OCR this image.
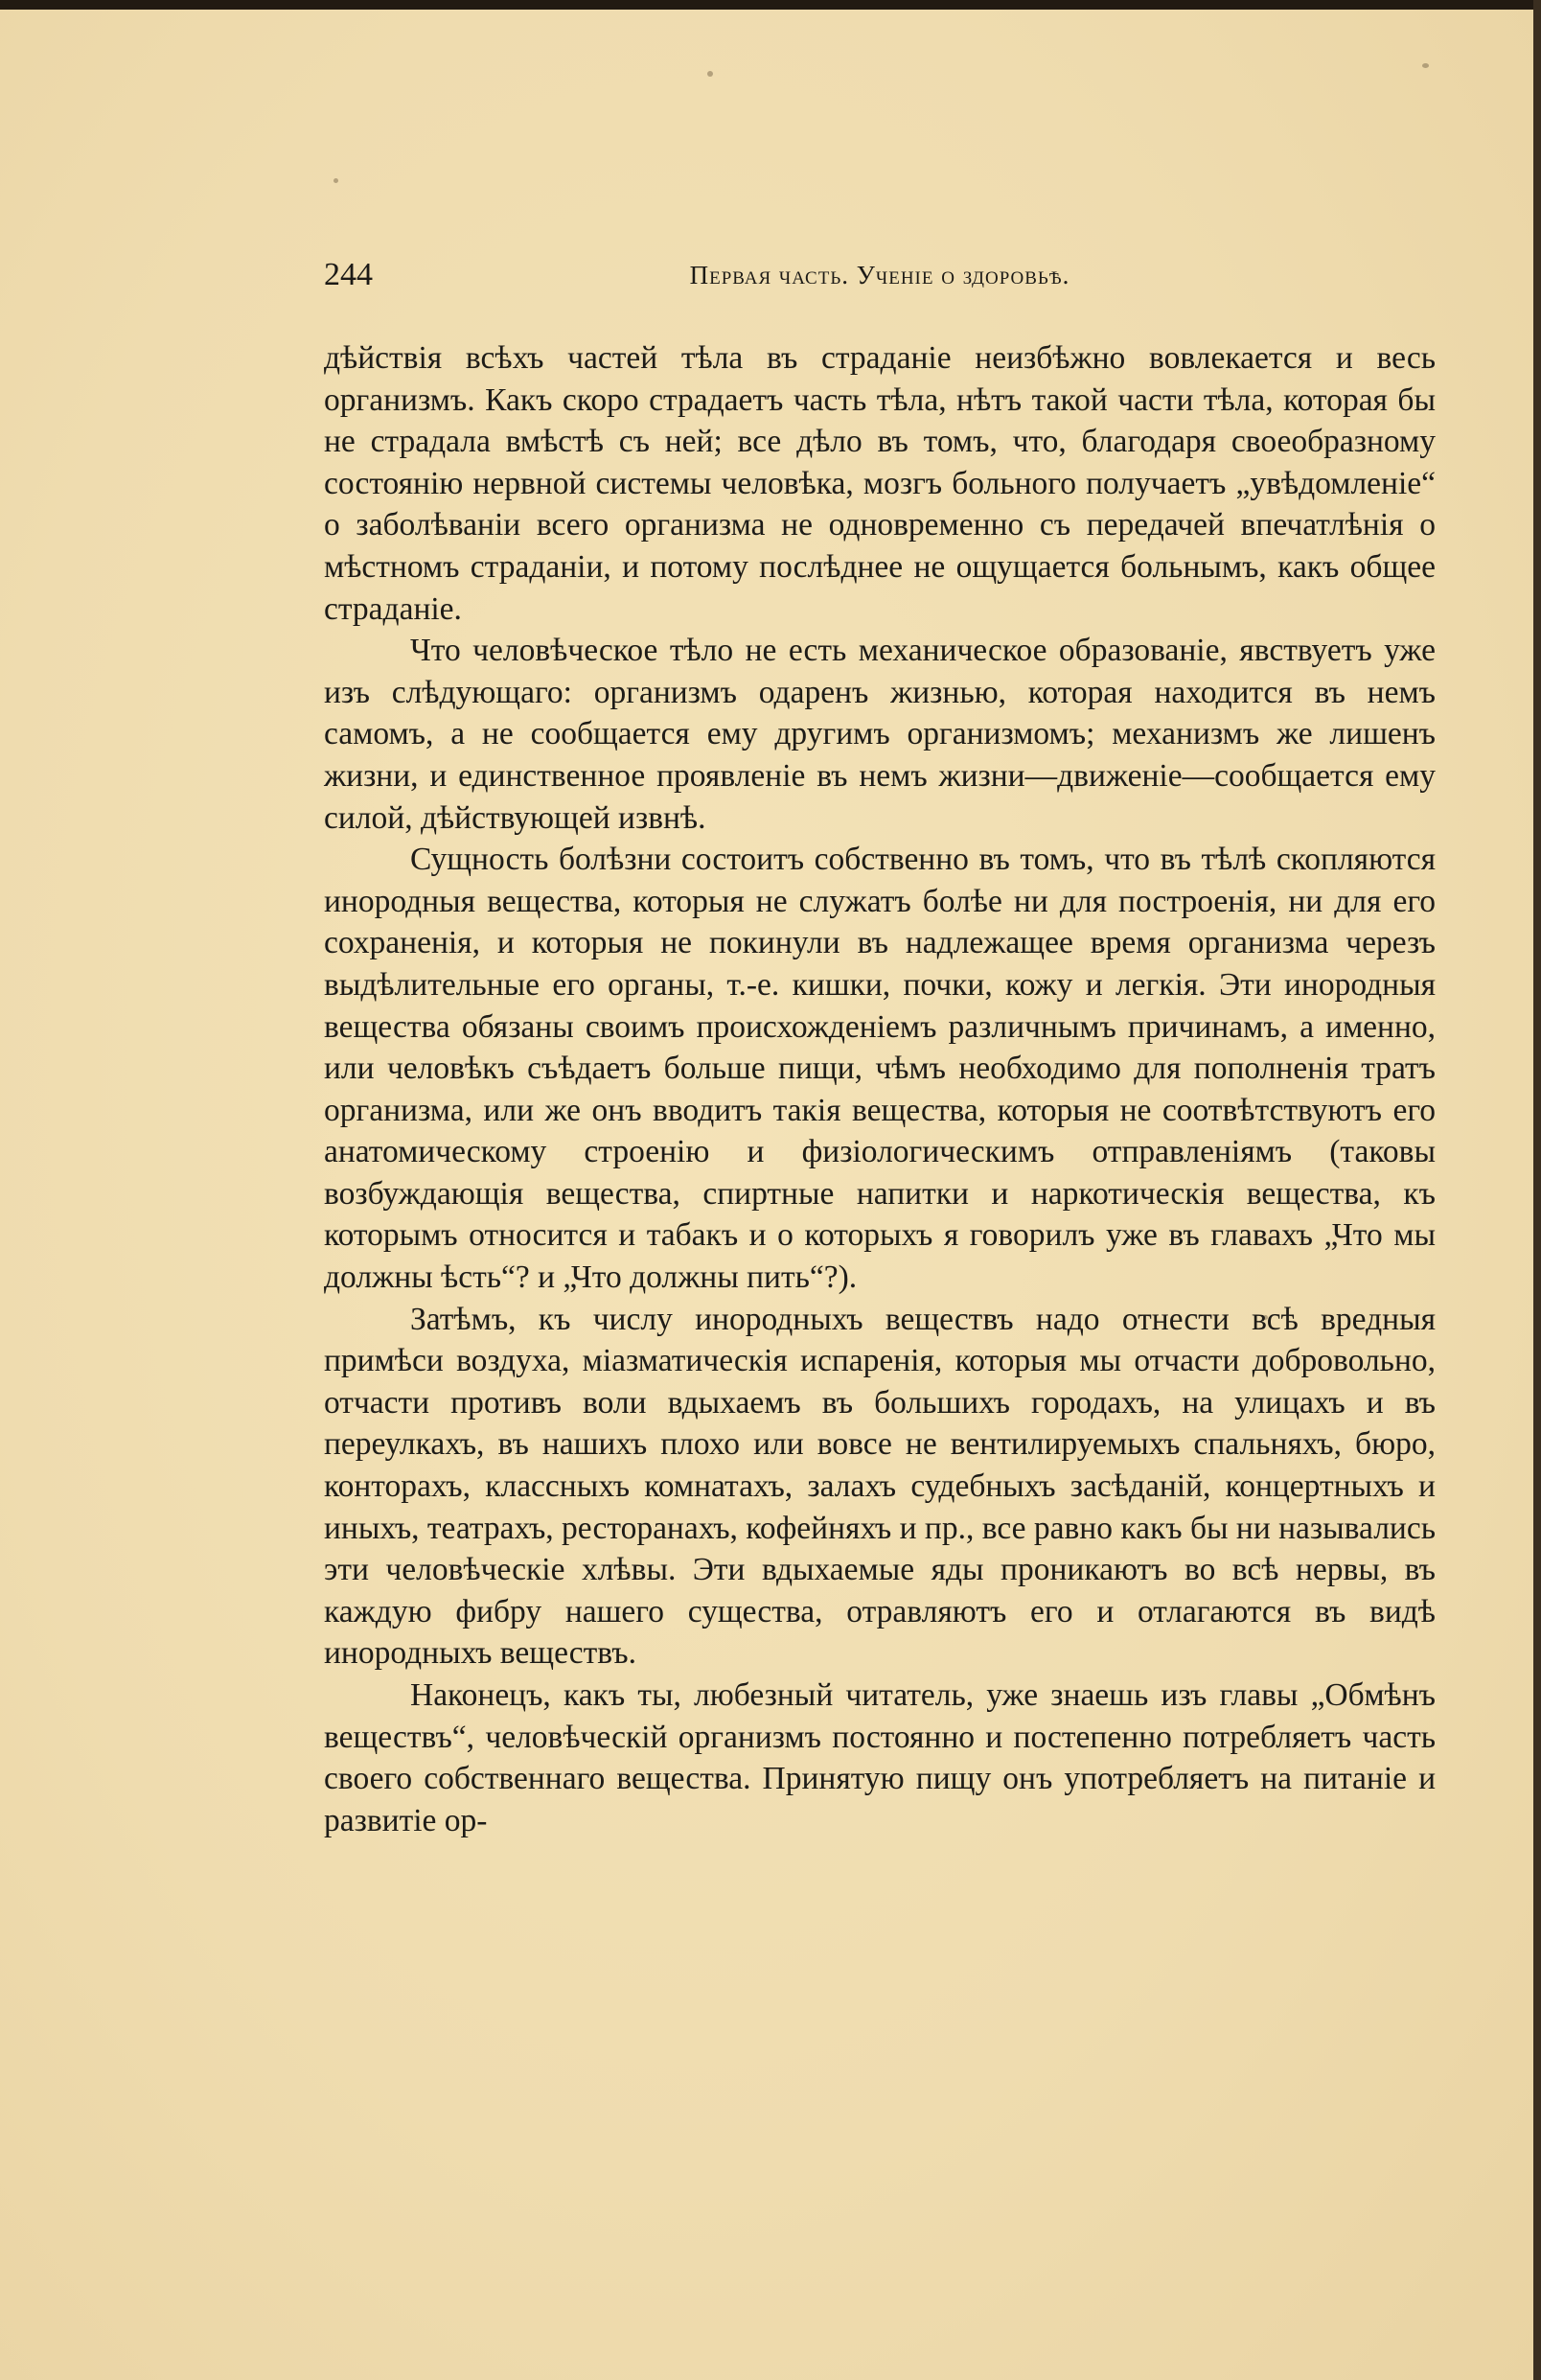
244	Первая часть. Ученіе о здоровьѣ.

дѣйствія всѣхъ частей тѣла въ страданіе неизбѣжно вовлекается и весь организмъ. Какъ скоро страдаетъ часть тѣла, нѣтъ такой части тѣла, которая бы не страдала вмѣстѣ съ ней; все дѣло въ томъ, что, благодаря своеобразному состоянію нервной системы человѣка, мозгъ больного получаетъ „увѣдомленіе“ о заболѣваніи всего организма не одновременно съ передачей впечатлѣнія о мѣстномъ страданіи, и потому послѣднее не ощущается больнымъ, какъ общее страданіе.

Что человѣческое тѣло не есть механическое образованіе, явствуетъ уже изъ слѣдующаго: организмъ одаренъ жизнью, которая находится въ немъ самомъ, а не сообщается ему другимъ организмомъ; механизмъ же лишенъ жизни, и единственное проявленіе въ немъ жизни—движеніе—сообщается ему силой, дѣйствующей извнѣ.

Сущность болѣзни состоитъ собственно въ томъ, что въ тѣлѣ скопляются инородныя вещества, которыя не служатъ болѣе ни для построенія, ни для его сохраненія, и которыя не покинули въ надлежащее время организма черезъ выдѣлительные его органы, т.-е. кишки, почки, кожу и легкія. Эти инородныя вещества обязаны своимъ происхожденіемъ различнымъ причинамъ, а именно, или человѣкъ съѣдаетъ больше пищи, чѣмъ необходимо для пополненія тратъ организма, или же онъ вводитъ такія вещества, которыя не соотвѣтствуютъ его анатомическому строенію и физіологическимъ отправленіямъ (таковы возбуждающія вещества, спиртные напитки и наркотическія вещества, къ которымъ относится и табакъ и о которыхъ я говорилъ уже въ главахъ „Что мы должны ѣсть“? и „Что должны пить“?).

Затѣмъ, къ числу инородныхъ веществъ надо отнести всѣ вредныя примѣси воздуха, міазматическія испаренія, которыя мы отчасти добровольно, отчасти противъ воли вдыхаемъ въ большихъ городахъ, на улицахъ и въ переулкахъ, въ нашихъ плохо или вовсе не вентилируемыхъ спальняхъ, бюро, конторахъ, классныхъ комнатахъ, залахъ судебныхъ засѣданій, концертныхъ и иныхъ, театрахъ, ресторанахъ, кофейняхъ и пр., все равно какъ бы ни назывались эти человѣческіе хлѣвы. Эти вдыхаемые яды проникаютъ во всѣ нервы, въ каждую фибру нашего существа, отравляютъ его и отлагаются въ видѣ инородныхъ веществъ.

Наконецъ, какъ ты, любезный читатель, уже знаешь изъ главы „Обмѣнъ веществъ“, человѣческій организмъ постоянно и постепенно потребляетъ часть своего собственнаго вещества. Принятую пищу онъ употребляетъ на питаніе и развитіе ор-
